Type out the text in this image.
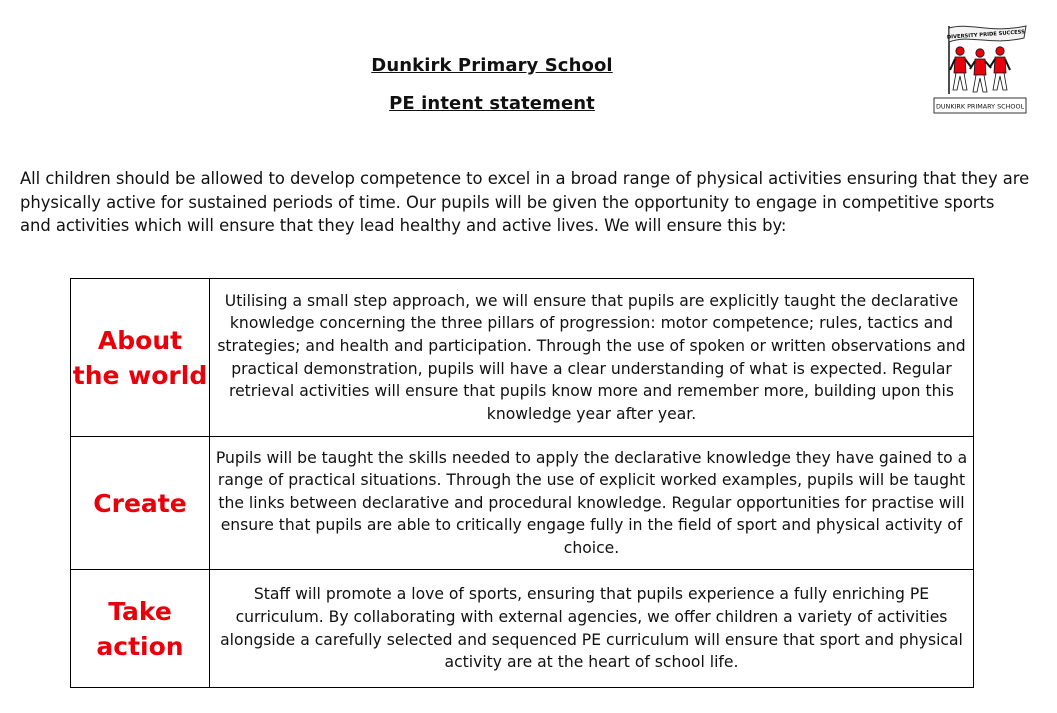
Dunkirk Primary School
PE intent statement
DIVERSITY PRIDE SUCCESS
DUNKIRK PRIMARY SCHOOL

All children should be allowed to develop competence to excel in a broad range of physical activities ensuring that they are physically active for sustained periods of time. Our pupils will be given the opportunity to engage in competitive sports and activities which will ensure that they lead healthy and active lives. We will ensure this by:

About the world	Utilising a small step approach, we will ensure that pupils are explicitly taught the declarative knowledge concerning the three pillars of progression: motor competence; rules, tactics and strategies; and health and participation. Through the use of spoken or written observations and practical demonstration, pupils will have a clear understanding of what is expected. Regular retrieval activities will ensure that pupils know more and remember more, building upon this knowledge year after year.
Create	Pupils will be taught the skills needed to apply the declarative knowledge they have gained to a range of practical situations. Through the use of explicit worked examples, pupils will be taught the links between declarative and procedural knowledge. Regular opportunities for practise will ensure that pupils are able to critically engage fully in the field of sport and physical activity of choice.
Take action	Staff will promote a love of sports, ensuring that pupils experience a fully enriching PE curriculum. By collaborating with external agencies, we offer children a variety of activities alongside a carefully selected and sequenced PE curriculum will ensure that sport and physical activity are at the heart of school life.
